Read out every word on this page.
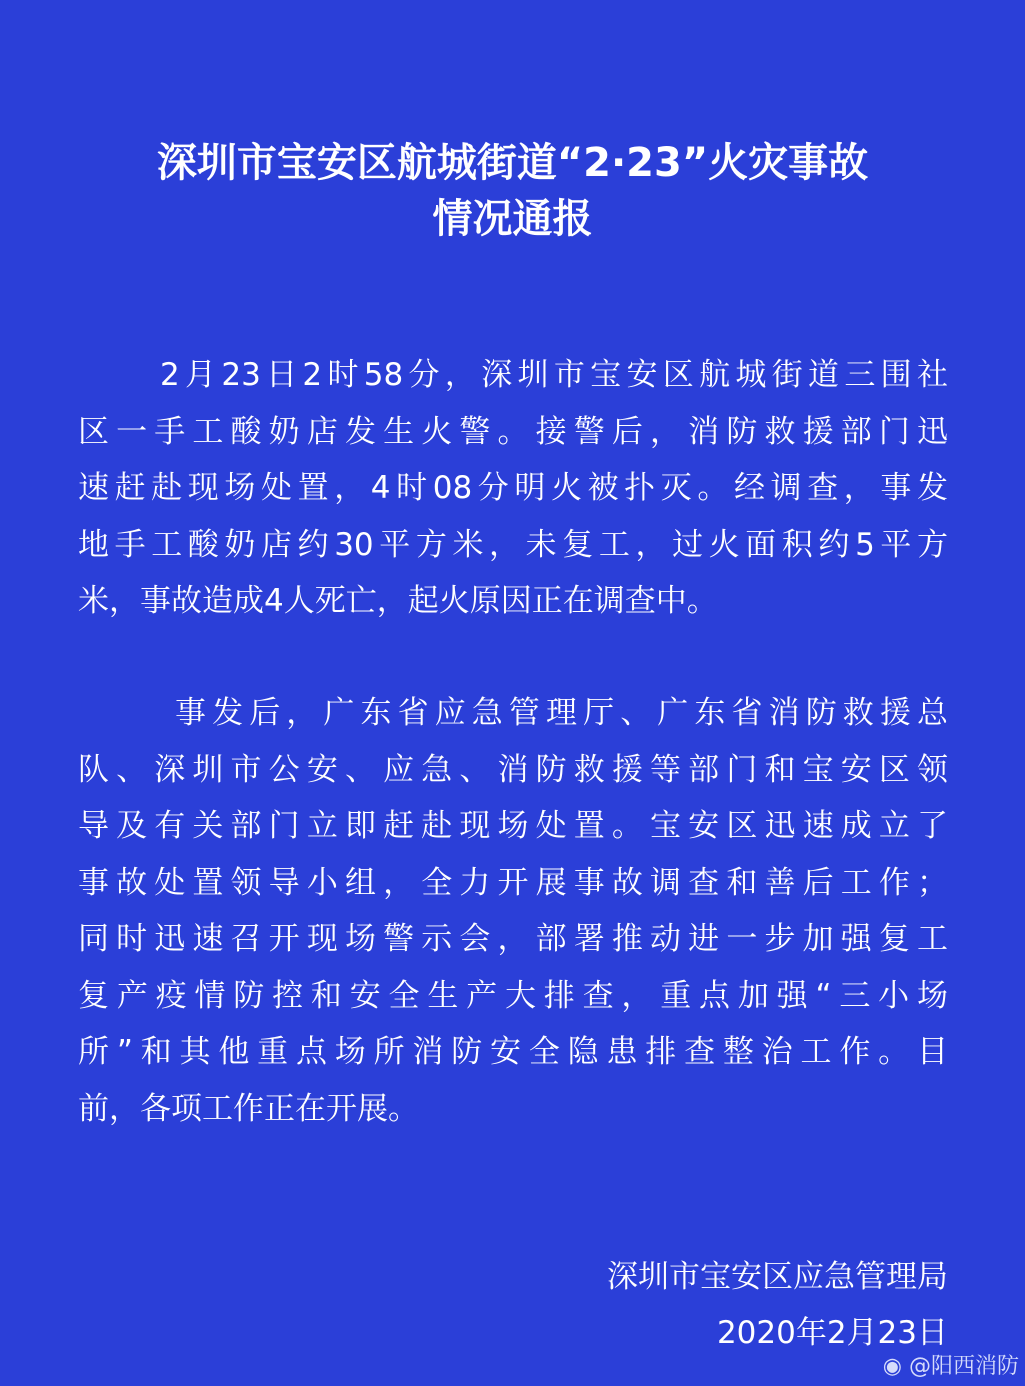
深圳市宝安区航城街道“2·23”火灾事故
情况通报
2月23日2时58分，深圳市宝安区航城街道三围社
区一手工酸奶店发生火警。接警后，消防救援部门迅
速赶赴现场处置，4时08分明火被扑灭。经调查，事发
地手工酸奶店约30平方米，未复工，过火面积约5平方
米，事故造成4人死亡，起火原因正在调查中。
事发后，广东省应急管理厅、广东省消防救援总
队、深圳市公安、应急、消防救援等部门和宝安区领
导及有关部门立即赶赴现场处置。宝安区迅速成立了
事故处置领导小组，全力开展事故调查和善后工作；
同时迅速召开现场警示会，部署推动进一步加强复工
复产疫情防控和安全生产大排查，重点加强“三小场
所”和其他重点场所消防安全隐患排查整治工作。目
前，各项工作正在开展。
深圳市宝安区应急管理局
2020年2月23日
◉ @阳西消防
